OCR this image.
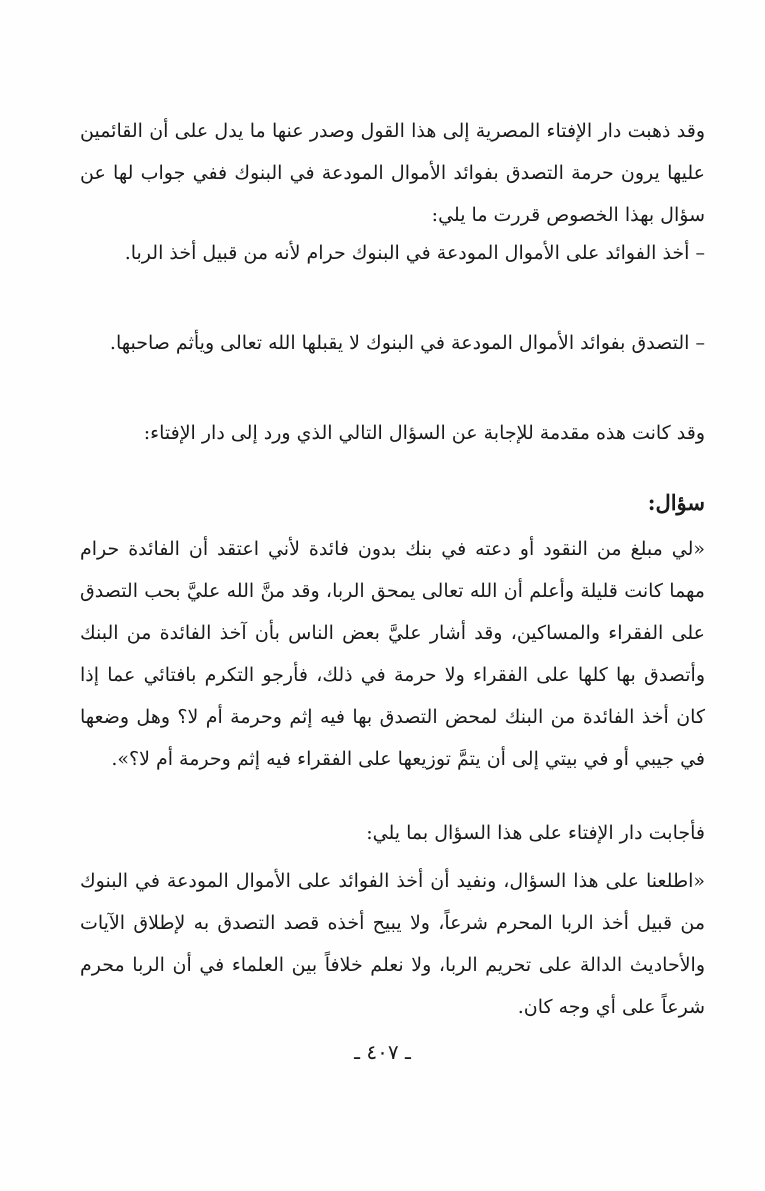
وقد ذهبت دار الإفتاء المصرية إلى هذا القول وصدر عنها ما يدل على أن القائمين عليها يرون حرمة التصدق بفوائد الأموال المودعة في البنوك ففي جواب لها عن سؤال بهذا الخصوص قررت ما يلي:

– أخذ الفوائد على الأموال المودعة في البنوك حرام لأنه من قبيل أخذ الربا.

– التصدق بفوائد الأموال المودعة في البنوك لا يقبلها الله تعالى ويأثم صاحبها.

وقد كانت هذه مقدمة للإجابة عن السؤال التالي الذي ورد إلى دار الإفتاء:

سؤال:

«لي مبلغ من النقود أو دعته في بنك بدون فائدة لأني اعتقد أن الفائدة حرام مهما كانت قليلة وأعلم أن الله تعالى يمحق الربا، وقد منَّ الله عليَّ بحب التصدق على الفقراء والمساكين، وقد أشار عليَّ بعض الناس بأن آخذ الفائدة من البنك وأتصدق بها كلها على الفقراء ولا حرمة في ذلك، فأرجو التكرم بافتائي عما إذا كان أخذ الفائدة من البنك لمحض التصدق بها فيه إثم وحرمة أم لا؟ وهل وضعها في جيبي أو في بيتي إلى أن يتمَّ توزيعها على الفقراء فيه إثم وحرمة أم لا؟».

فأجابت دار الإفتاء على هذا السؤال بما يلي:

«اطلعنا على هذا السؤال، ونفيد أن أخذ الفوائد على الأموال المودعة في البنوك من قبيل أخذ الربا المحرم شرعاً، ولا يبيح أخذه قصد التصدق به لإطلاق الآيات والأحاديث الدالة على تحريم الربا، ولا نعلم خلافاً بين العلماء في أن الربا محرم شرعاً على أي وجه كان.

ـ ٤٠٧ ـ
